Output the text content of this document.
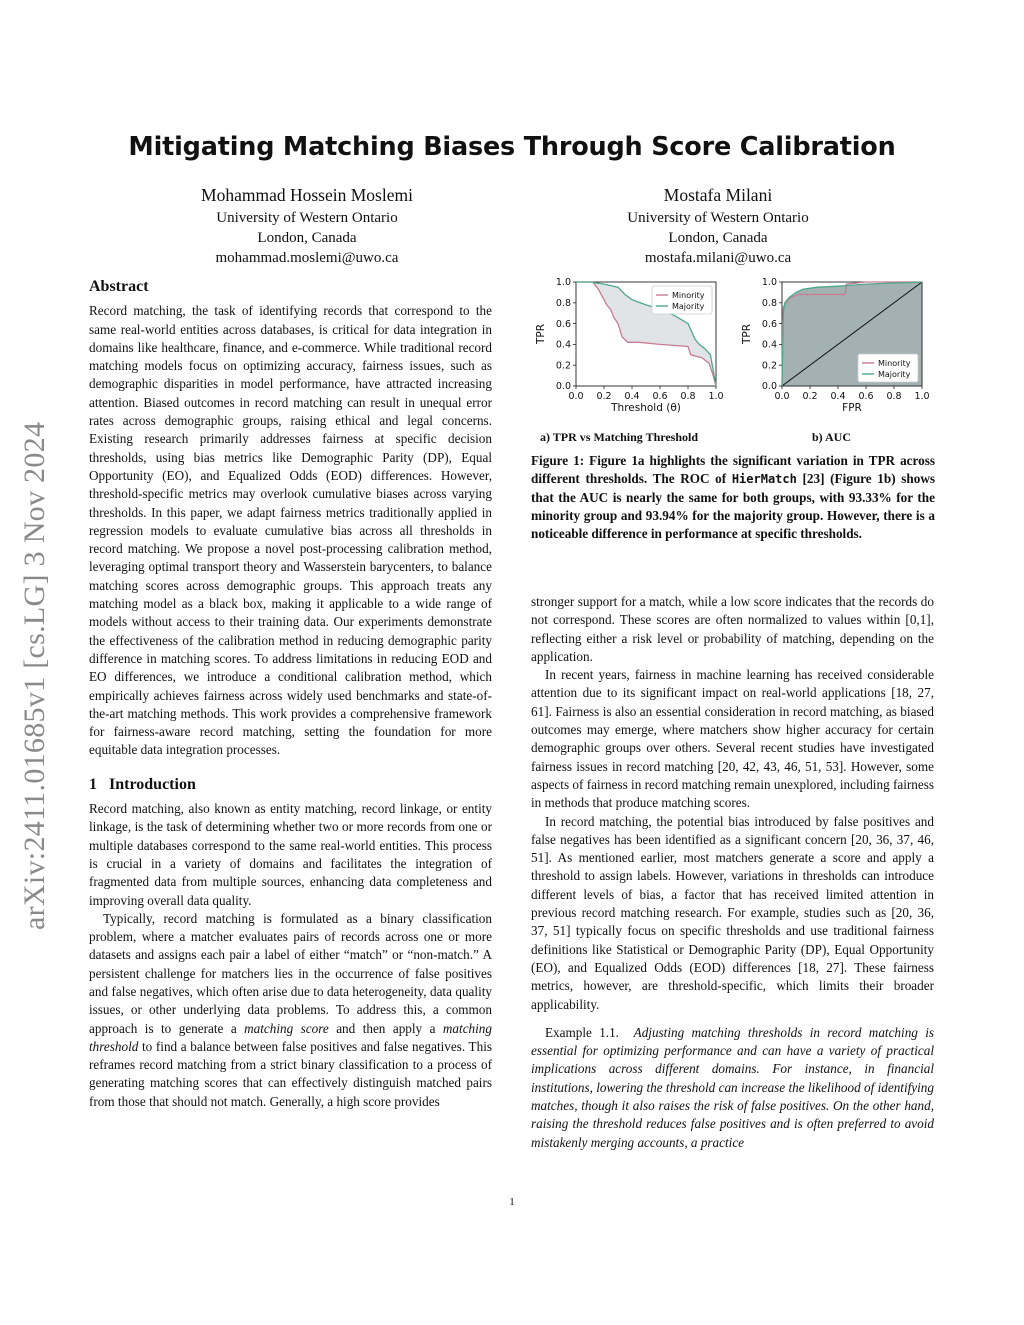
arXiv:2411.01685v1 [cs.LG] 3 Nov 2024
Mitigating Matching Biases Through Score Calibration
Mohammad Hossein Moslemi
University of Western Ontario
London, Canada
mohammad.moslemi@uwo.ca
Mostafa Milani
University of Western Ontario
London, Canada
mostafa.milani@uwo.ca
Abstract

Record matching, the task of identifying records that correspond to the same real-world entities across databases, is critical for data integration in domains like healthcare, finance, and e-commerce. While traditional record matching models focus on optimizing accuracy, fairness issues, such as demographic disparities in model performance, have attracted increasing attention. Biased outcomes in record matching can result in unequal error rates across demographic groups, raising ethical and legal concerns. Existing research primarily addresses fairness at specific decision thresholds, using bias metrics like Demographic Parity (DP), Equal Opportunity (EO), and Equalized Odds (EOD) differences. However, threshold-specific metrics may overlook cumulative biases across varying thresholds. In this paper, we adapt fairness metrics traditionally applied in regression models to evaluate cumulative bias across all thresholds in record matching. We propose a novel post-processing calibration method, leveraging optimal transport theory and Wasserstein barycenters, to balance matching scores across demographic groups. This approach treats any matching model as a black box, making it applicable to a wide range of models without access to their training data. Our experiments demonstrate the effectiveness of the calibration method in reducing demographic parity difference in matching scores. To address limitations in reducing EOD and EO differences, we introduce a conditional calibration method, which empirically achieves fairness across widely used benchmarks and state-of-the-art matching methods. This work provides a comprehensive framework for fairness-aware record matching, setting the foundation for more equitable data integration processes.

1 Introduction

Record matching, also known as entity matching, record linkage, or entity linkage, is the task of determining whether two or more records from one or multiple databases correspond to the same real-world entities. This process is crucial in a variety of domains and facilitates the integration of fragmented data from multiple sources, enhancing data completeness and improving overall data quality.

Typically, record matching is formulated as a binary classification problem, where a matcher evaluates pairs of records across one or more datasets and assigns each pair a label of either “match” or “non-match.” A persistent challenge for matchers lies in the occurrence of false positives and false negatives, which often arise due to data heterogeneity, data quality issues, or other underlying data problems. To address this, a common approach is to generate a matching score and then apply a matching threshold to find a balance between false positives and false negatives. This reframes record matching from a strict binary classification to a process of generating matching scores that can effectively distinguish matched pairs from those that should not match. Generally, a high score provides

0.0 0.2 0.4 0.6 0.8 1.0
0.0
0.2
0.4
0.6
0.8
1.0
Threshold (θ)
TPR
Minority
Majority
0.0 0.2 0.4 0.6 0.8 1.0
0.0
0.2
0.4
0.6
0.8
1.0
FPR
TPR
Minority
Majority
a) TPR vs Matching Threshold	b) AUC
Figure 1: Figure 1a highlights the significant variation in TPR across different thresholds. The ROC of HierMatch [23] (Figure 1b) shows that the AUC is nearly the same for both groups, with 93.33% for the minority group and 93.94% for the majority group. However, there is a noticeable difference in performance at specific thresholds.

stronger support for a match, while a low score indicates that the records do not correspond. These scores are often normalized to values within [0,1], reflecting either a risk level or probability of matching, depending on the application.

In recent years, fairness in machine learning has received considerable attention due to its significant impact on real-world applications [18, 27, 61]. Fairness is also an essential consideration in record matching, as biased outcomes may emerge, where matchers show higher accuracy for certain demographic groups over others. Several recent studies have investigated fairness issues in record matching [20, 42, 43, 46, 51, 53]. However, some aspects of fairness in record matching remain unexplored, including fairness in methods that produce matching scores.

In record matching, the potential bias introduced by false positives and false negatives has been identified as a significant concern [20, 36, 37, 46, 51]. As mentioned earlier, most matchers generate a score and apply a threshold to assign labels. However, variations in thresholds can introduce different levels of bias, a factor that has received limited attention in previous record matching research. For example, studies such as [20, 36, 37, 51] typically focus on specific thresholds and use traditional fairness definitions like Statistical or Demographic Parity (DP), Equal Opportunity (EO), and Equalized Odds (EOD) differences [18, 27]. These fairness metrics, however, are threshold-specific, which limits their broader applicability.

Example 1.1. Adjusting matching thresholds in record matching is essential for optimizing performance and can have a variety of practical implications across different domains. For instance, in financial institutions, lowering the threshold can increase the likelihood of identifying matches, though it also raises the risk of false positives. On the other hand, raising the threshold reduces false positives and is often preferred to avoid mistakenly merging accounts, a practice

1
